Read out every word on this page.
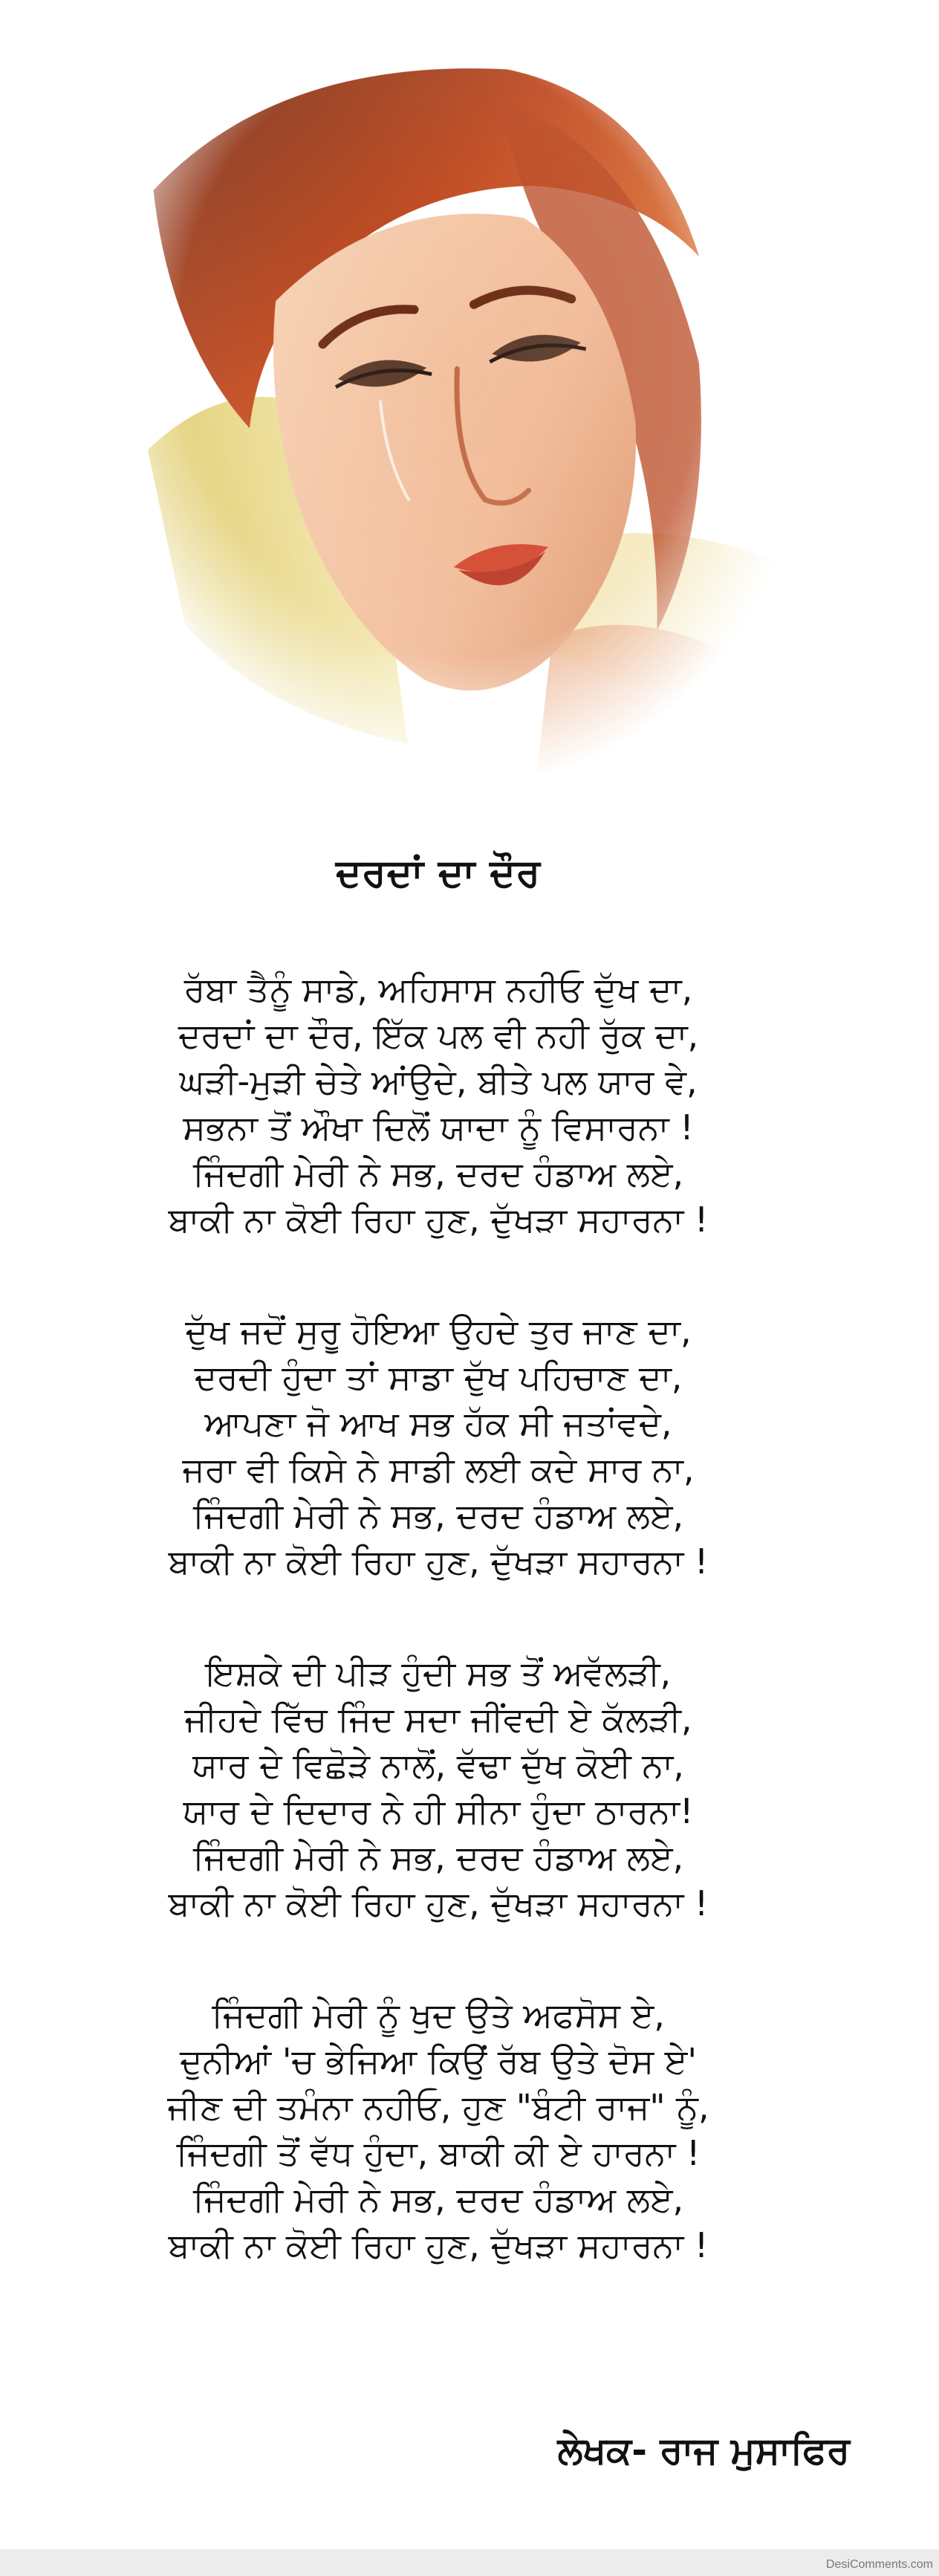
ਦਰਦਾਂ ਦਾ ਦੌਰ
ਰੱਬਾ ਤੈਨੂੰ ਸਾਡੇ, ਅਹਿਸਾਸ ਨਹੀਓ ਦੁੱਖ ਦਾ,
ਦਰਦਾਂ ਦਾ ਦੌਰ, ਇੱਕ ਪਲ ਵੀ ਨਹੀ ਰੁੱਕ ਦਾ,
ਘੜੀ-ਮੁੜੀ ਚੇਤੇ ਆਂਉਦੇ, ਬੀਤੇ ਪਲ ਯਾਰ ਵੇ,
ਸਭਨਾ ਤੋਂ ਔਖਾ ਦਿਲੋਂ ਯਾਦਾ ਨੂੰ ਵਿਸਾਰਨਾ !
ਜਿੰਦਗੀ ਮੇਰੀ ਨੇ ਸਭ, ਦਰਦ ਹੰਡਾਅ ਲਏ,
ਬਾਕੀ ਨਾ ਕੋਈ ਰਿਹਾ ਹੁਣ, ਦੁੱਖੜਾ ਸਹਾਰਨਾ !
ਦੁੱਖ ਜਦੋਂ ਸੁਰੂ ਹੋਇਆ ਉਹਦੇ ਤੁਰ ਜਾਣ ਦਾ,
ਦਰਦੀ ਹੁੰਦਾ ਤਾਂ ਸਾਡਾ ਦੁੱਖ ਪਹਿਚਾਣ ਦਾ,
ਆਪਣਾ ਜੋ ਆਖ ਸਭ ਹੱਕ ਸੀ ਜਤਾਂਵਦੇ,
ਜਰਾ ਵੀ ਕਿਸੇ ਨੇ ਸਾਡੀ ਲਈ ਕਦੇ ਸਾਰ ਨਾ,
ਜਿੰਦਗੀ ਮੇਰੀ ਨੇ ਸਭ, ਦਰਦ ਹੰਡਾਅ ਲਏ,
ਬਾਕੀ ਨਾ ਕੋਈ ਰਿਹਾ ਹੁਣ, ਦੁੱਖੜਾ ਸਹਾਰਨਾ !
ਇਸ਼ਕੇ ਦੀ ਪੀੜ ਹੁੰਦੀ ਸਭ ਤੋਂ ਅਵੱਲੜੀ,
ਜੀਹਦੇ ਵਿੱਚ ਜਿੰਦ ਸਦਾ ਜੀਂਵਦੀ ਏ ਕੱਲੜੀ,
ਯਾਰ ਦੇ ਵਿਛੋੜੇ ਨਾਲੋਂ, ਵੱਢਾ ਦੁੱਖ ਕੋਈ ਨਾ,
ਯਾਰ ਦੇ ਦਿਦਾਰ ਨੇ ਹੀ ਸੀਨਾ ਹੁੰਦਾ ਠਾਰਨਾ!
ਜਿੰਦਗੀ ਮੇਰੀ ਨੇ ਸਭ, ਦਰਦ ਹੰਡਾਅ ਲਏ,
ਬਾਕੀ ਨਾ ਕੋਈ ਰਿਹਾ ਹੁਣ, ਦੁੱਖੜਾ ਸਹਾਰਨਾ !
ਜਿੰਦਗੀ ਮੇਰੀ ਨੂੰ ਖੁਦ ਉਤੇ ਅਫਸੋਸ ਏ,
ਦੁਨੀਆਂ 'ਚ ਭੇਜਿਆ ਕਿਉਂ ਰੱਬ ਉਤੇ ਦੋਸ ਏ'
ਜੀਣ ਦੀ ਤਮੰਨਾ ਨਹੀਓ, ਹੁਣ "ਬੰਟੀ ਰਾਜ" ਨੂੰ,
ਜਿੰਦਗੀ ਤੋਂ ਵੱਧ ਹੁੰਦਾ, ਬਾਕੀ ਕੀ ਏ ਹਾਰਨਾ !
ਜਿੰਦਗੀ ਮੇਰੀ ਨੇ ਸਭ, ਦਰਦ ਹੰਡਾਅ ਲਏ,
ਬਾਕੀ ਨਾ ਕੋਈ ਰਿਹਾ ਹੁਣ, ਦੁੱਖੜਾ ਸਹਾਰਨਾ !
ਲੇਖਕ- ਰਾਜ ਮੁਸਾਫਿਰ
DesiComments.com
